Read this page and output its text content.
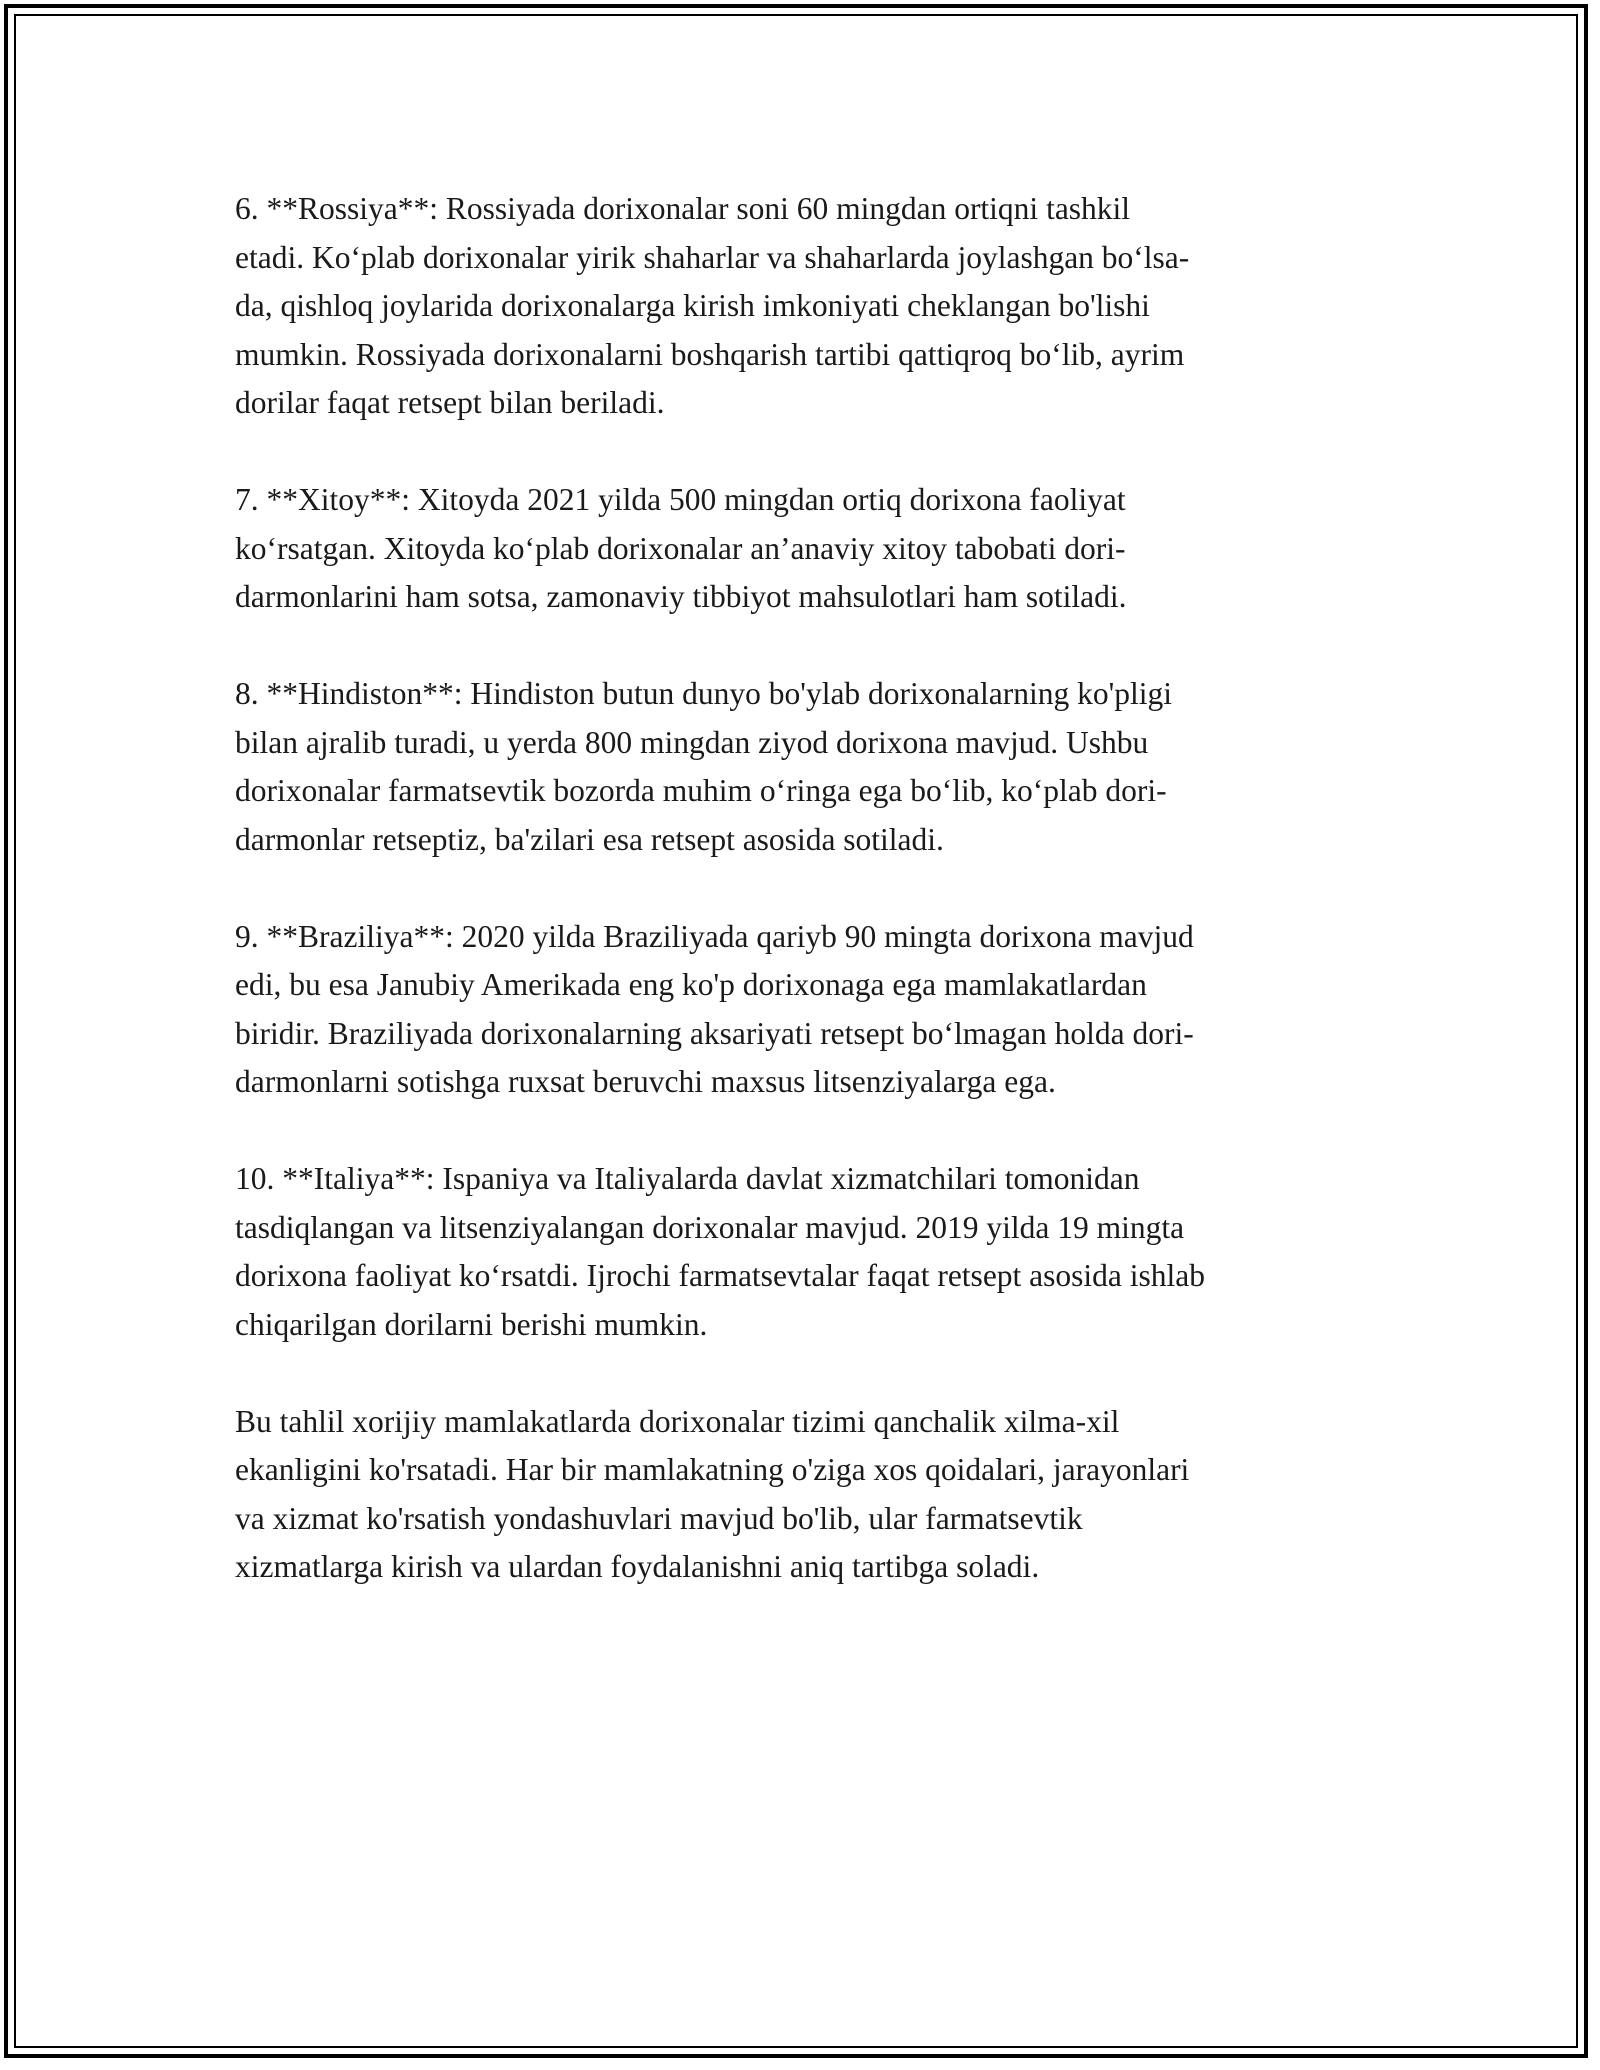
6. **Rossiya**: Rossiyada dorixonalar soni 60 mingdan ortiqni tashkil
etadi. Ko‘plab dorixonalar yirik shaharlar va shaharlarda joylashgan bo‘lsa-
da, qishloq joylarida dorixonalarga kirish imkoniyati cheklangan bo'lishi
mumkin. Rossiyada dorixonalarni boshqarish tartibi qattiqroq bo‘lib, ayrim
dorilar faqat retsept bilan beriladi.
7. **Xitoy**: Xitoyda 2021 yilda 500 mingdan ortiq dorixona faoliyat
ko‘rsatgan. Xitoyda ko‘plab dorixonalar an’anaviy xitoy tabobati dori-
darmonlarini ham sotsa, zamonaviy tibbiyot mahsulotlari ham sotiladi.
8. **Hindiston**: Hindiston butun dunyo bo'ylab dorixonalarning ko'pligi
bilan ajralib turadi, u yerda 800 mingdan ziyod dorixona mavjud. Ushbu
dorixonalar farmatsevtik bozorda muhim o‘ringa ega bo‘lib, ko‘plab dori-
darmonlar retseptiz, ba'zilari esa retsept asosida sotiladi.
9. **Braziliya**: 2020 yilda Braziliyada qariyb 90 mingta dorixona mavjud
edi, bu esa Janubiy Amerikada eng ko'p dorixonaga ega mamlakatlardan
biridir. Braziliyada dorixonalarning aksariyati retsept bo‘lmagan holda dori-
darmonlarni sotishga ruxsat beruvchi maxsus litsenziyalarga ega.
10. **Italiya**: Ispaniya va Italiyalarda davlat xizmatchilari tomonidan
tasdiqlangan va litsenziyalangan dorixonalar mavjud. 2019 yilda 19 mingta
dorixona faoliyat ko‘rsatdi. Ijrochi farmatsevtalar faqat retsept asosida ishlab
chiqarilgan dorilarni berishi mumkin.
Bu tahlil xorijiy mamlakatlarda dorixonalar tizimi qanchalik xilma-xil
ekanligini ko'rsatadi. Har bir mamlakatning o'ziga xos qoidalari, jarayonlari
va xizmat ko'rsatish yondashuvlari mavjud bo'lib, ular farmatsevtik
xizmatlarga kirish va ulardan foydalanishni aniq tartibga soladi.
